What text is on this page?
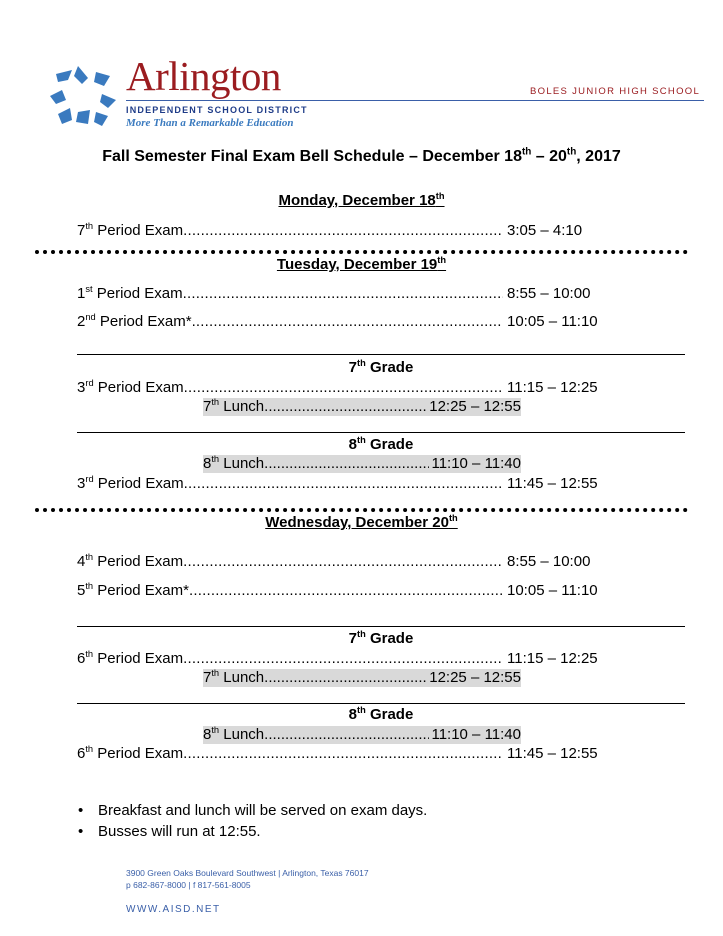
Arlington
INDEPENDENT SCHOOL DISTRICT
More Than a Remarkable Education
BOLES JUNIOR HIGH SCHOOL
Fall Semester Final Exam Bell Schedule – December 18th – 20th, 2017
Monday, December 18th
7th Period Exam .....	3:05 – 4:10
Tuesday, December 19th
1st Period Exam .....	8:55 – 10:00
2nd Period Exam* .....	10:05 – 11:10
7th Grade
3rd Period Exam .....	11:15 – 12:25
7th Lunch .....	12:25 – 12:55
8th Grade
8th Lunch .....	11:10 – 11:40
3rd Period Exam .....	11:45 – 12:55
Wednesday, December 20th
4th Period Exam .....	8:55 – 10:00
5th Period Exam* .....	10:05 – 11:10
7th Grade
6th Period Exam .....	11:15 – 12:25
7th Lunch .....	12:25 – 12:55
8th Grade
8th Lunch .....	11:10 – 11:40
6th Period Exam .....	11:45 – 12:55
• Breakfast and lunch will be served on exam days.
• Busses will run at 12:55.
3900 Green Oaks Boulevard Southwest | Arlington, Texas 76017
p 682-867-8000 | f 817-561-8005
WWW.AISD.NET
